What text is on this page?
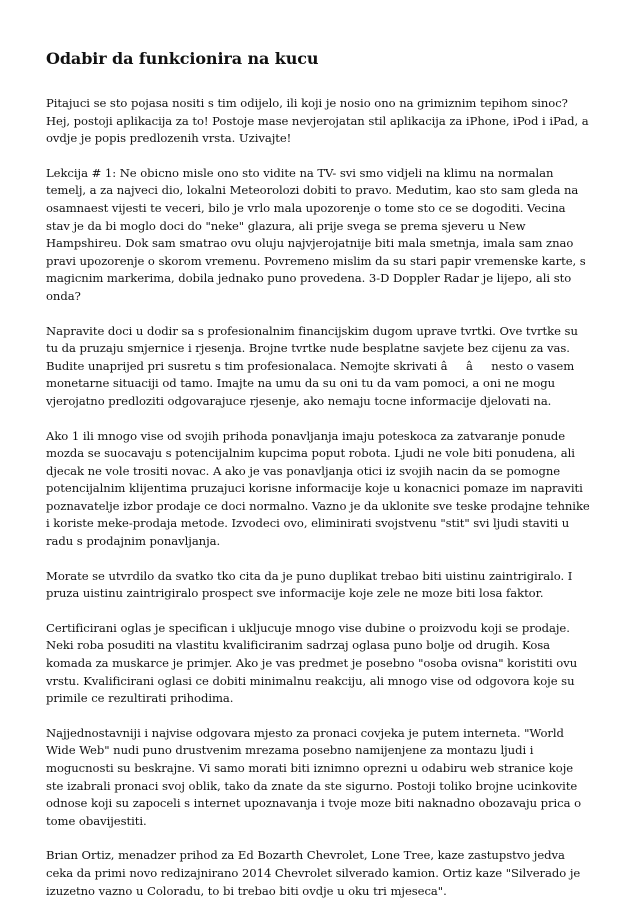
Odabir da funkcionira na kucu

Pitajuci se sto pojasa nositi s tim odijelo, ili koji je nosio ono na grimiznim tepihom sinoc? Hej, postoji aplikacija za to! Postoje mase nevjerojatan stil aplikacija za iPhone, iPod i iPad, a ovdje je popis predlozenih vrsta. Uzivajte!

Lekcija # 1: Ne obicno misle ono sto vidite na TV- svi smo vidjeli na klimu na normalan temelj, a za najveci dio, lokalni Meteorolozi dobiti to pravo. Medutim, kao sto sam gleda na osamnaest vijesti te veceri, bilo je vrlo mala upozorenje o tome sto ce se dogoditi. Vecina stav je da bi moglo doci do "neke" glazura, ali prije svega se prema sjeveru u New Hampshireu. Dok sam smatrao ovu oluju najvjerojatnije biti mala smetnja, imala sam znao pravi upozorenje o skorom vremenu. Povremeno mislim da su stari papir vremenske karte, s magicnim markerima, dobila jednako puno provedena. 3-D Doppler Radar je lijepo, ali sto onda?

Napravite doci u dodir sa s profesionalnim financijskim dugom uprave tvrtki. Ove tvrtke su tu da pruzaju smjernice i rjesenja. Brojne tvrtke nude besplatne savjete bez cijenu za vas. Budite unaprijed pri susretu s tim profesionalaca. Nemojte skrivati âânesto o vasem monetarne situaciji od tamo. Imajte na umu da su oni tu da vam pomoci, a oni ne mogu vjerojatno predloziti odgovarajuce rjesenje, ako nemaju tocne informacije djelovati na.

Ako 1 ili mnogo vise od svojih prihoda ponavljanja imaju poteskoca za zatvaranje ponude mozda se suocavaju s potencijalnim kupcima poput robota. Ljudi ne vole biti ponudena, ali djecak ne vole trositi novac. A ako je vas ponavljanja otici iz svojih nacin da se pomogne potencijalnim klijentima pruzajuci korisne informacije koje u konacnici pomaze im napraviti poznavatelje izbor prodaje ce doci normalno. Vazno je da uklonite sve teske prodajne tehnike i koriste meke-prodaja metode. Izvodeci ovo, eliminirati svojstvenu "stit" svi ljudi staviti u radu s prodajnim ponavljanja.

Morate se utvrdilo da svatko tko cita da je puno duplikat trebao biti uistinu zaintrigiralo. I pruza uistinu zaintrigiralo prospect sve informacije koje zele ne moze biti losa faktor.

Certificirani oglas je specifican i ukljucuje mnogo vise dubine o proizvodu koji se prodaje. Neki roba posuditi na vlastitu kvalificiranim sadrzaj oglasa puno bolje od drugih. Kosa komada za muskarce je primjer. Ako je vas predmet je posebno "osoba ovisna" koristiti ovu vrstu. Kvalificirani oglasi ce dobiti minimalnu reakciju, ali mnogo vise od odgovora koje su primile ce rezultirati prihodima.

Najjednostavniji i najvise odgovara mjesto za pronaci covjeka je putem interneta. "World Wide Web" nudi puno drustvenim mrezama posebno namijenjene za montazu ljudi i mogucnosti su beskrajne. Vi samo morati biti iznimno oprezni u odabiru web stranice koje ste izabrali pronaci svoj oblik, tako da znate da ste sigurno. Postoji toliko brojne ucinkovite odnose koji su zapoceli s internet upoznavanja i tvoje moze biti naknadno obozavaju prica o tome obavijestiti.

Brian Ortiz, menadzer prihod za Ed Bozarth Chevrolet, Lone Tree, kaze zastupstvo jedva ceka da primi novo redizajnirano 2014 Chevrolet silverado kamion. Ortiz kaze "Silverado je izuzetno vazno u Coloradu, to bi trebao biti ovdje u oku tri mjeseca".
